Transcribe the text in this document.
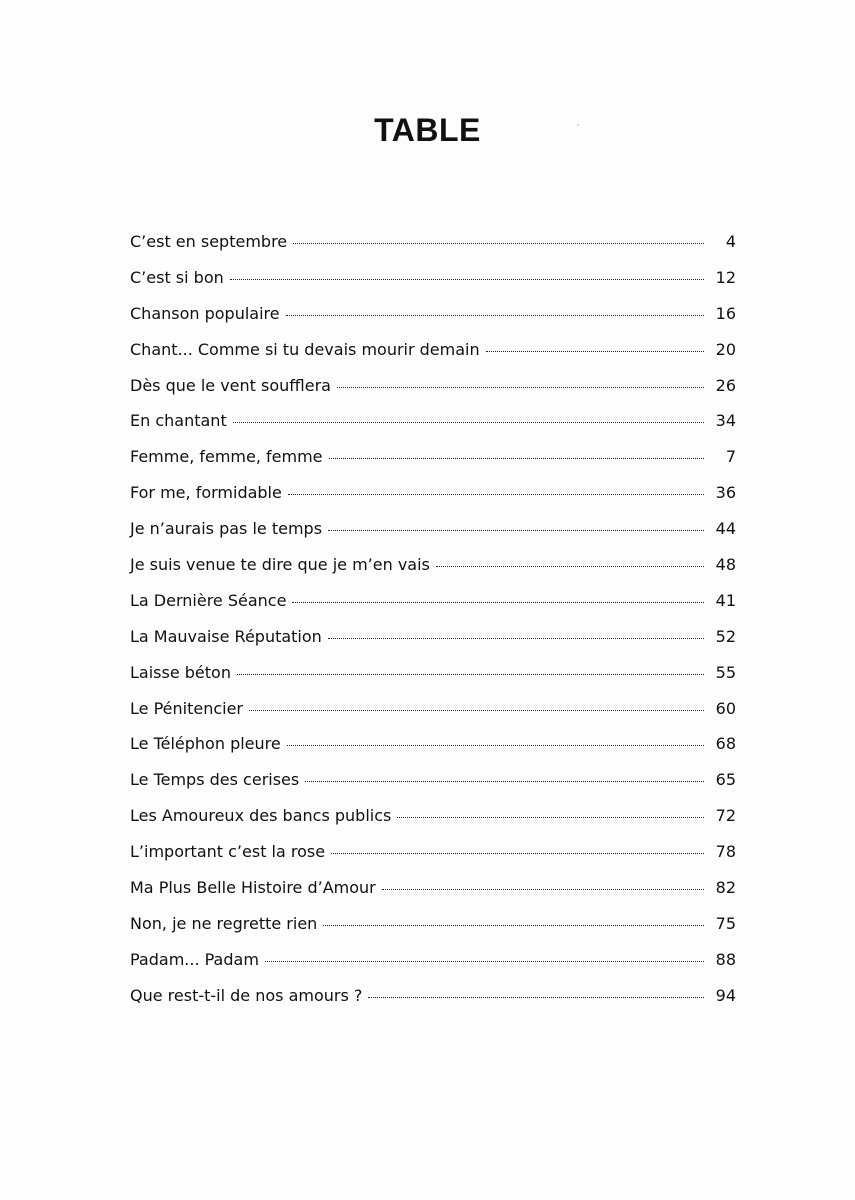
TABLE
C’est en septembre	4
C’est si bon	12
Chanson populaire	16
Chant... Comme si tu devais mourir demain	20
Dès que le vent soufflera	26
En chantant	34
Femme, femme, femme	7
For me, formidable	36
Je n’aurais pas le temps	44
Je suis venue te dire que je m’en vais	48
La Dernière Séance	41
La Mauvaise Réputation	52
Laisse béton	55
Le Pénitencier	60
Le Téléphon pleure	68
Le Temps des cerises	65
Les Amoureux des bancs publics	72
L’important c’est la rose	78
Ma Plus Belle Histoire d’Amour	82
Non, je ne regrette rien	75
Padam... Padam	88
Que rest-t-il de nos amours ?	94
